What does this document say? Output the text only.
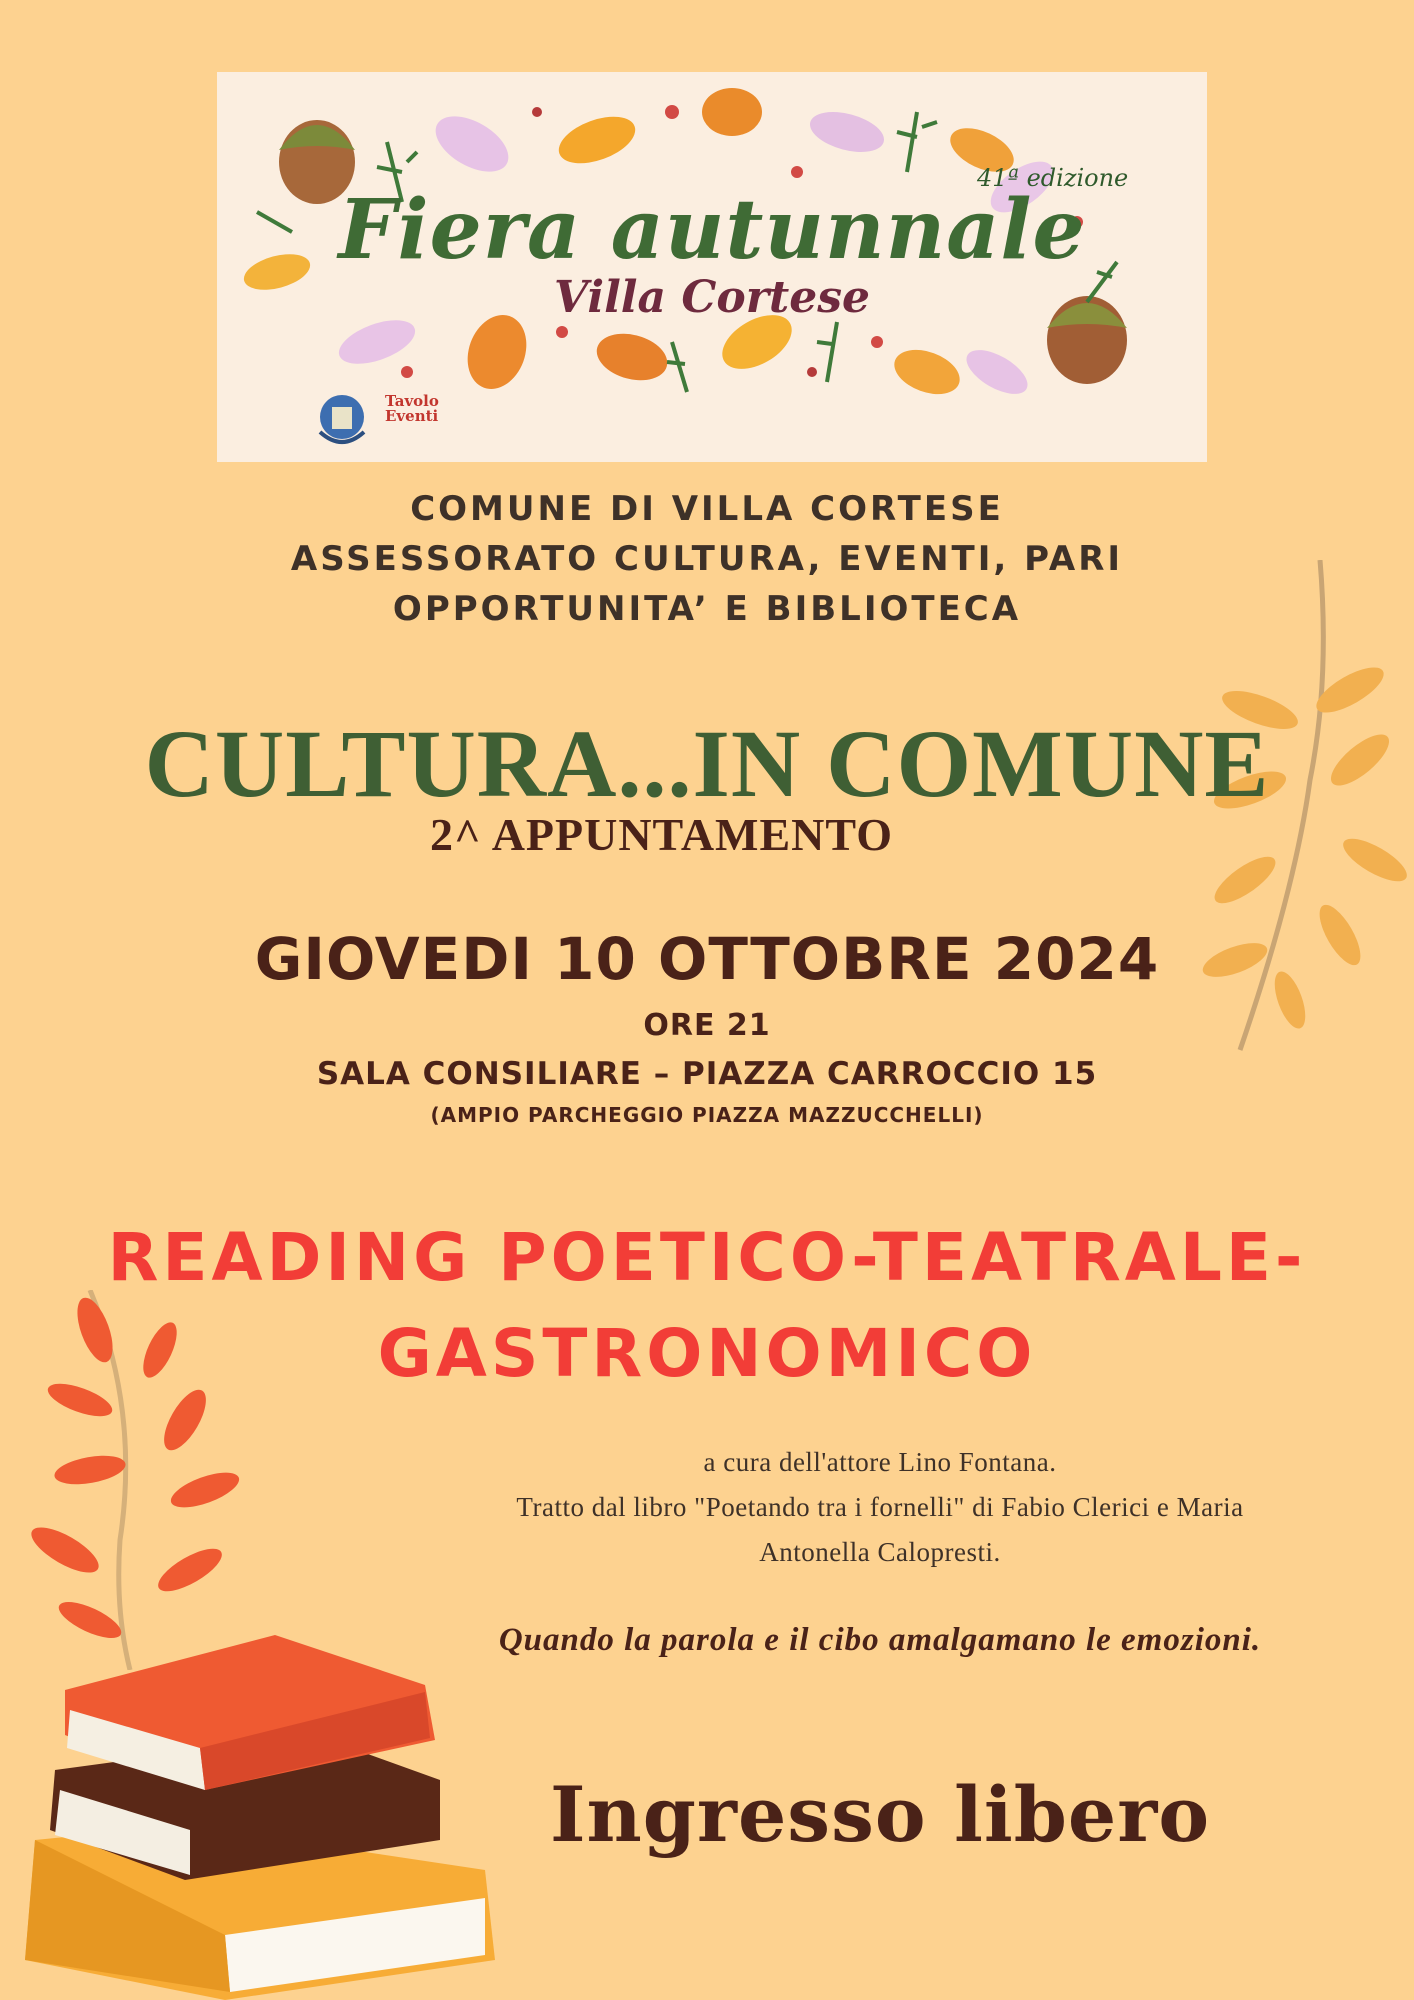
41ª edizione
Fiera autunnale
Villa Cortese
Tavolo
Eventi
COMUNE DI VILLA CORTESE
ASSESSORATO CULTURA, EVENTI, PARI
OPPORTUNITA’ E BIBLIOTECA
CULTURA...IN COMUNE
2^ APPUNTAMENTO
GIOVEDI 10 OTTOBRE 2024
ORE 21
SALA CONSILIARE – PIAZZA CARROCCIO 15
(AMPIO PARCHEGGIO PIAZZA MAZZUCCHELLI)
READING POETICO-TEATRALE-
GASTRONOMICO
a cura dell'attore Lino Fontana.
Tratto dal libro "Poetando tra i fornelli" di Fabio Clerici e Maria
Antonella Calopresti.
Quando la parola e il cibo amalgamano le emozioni.
Ingresso libero
